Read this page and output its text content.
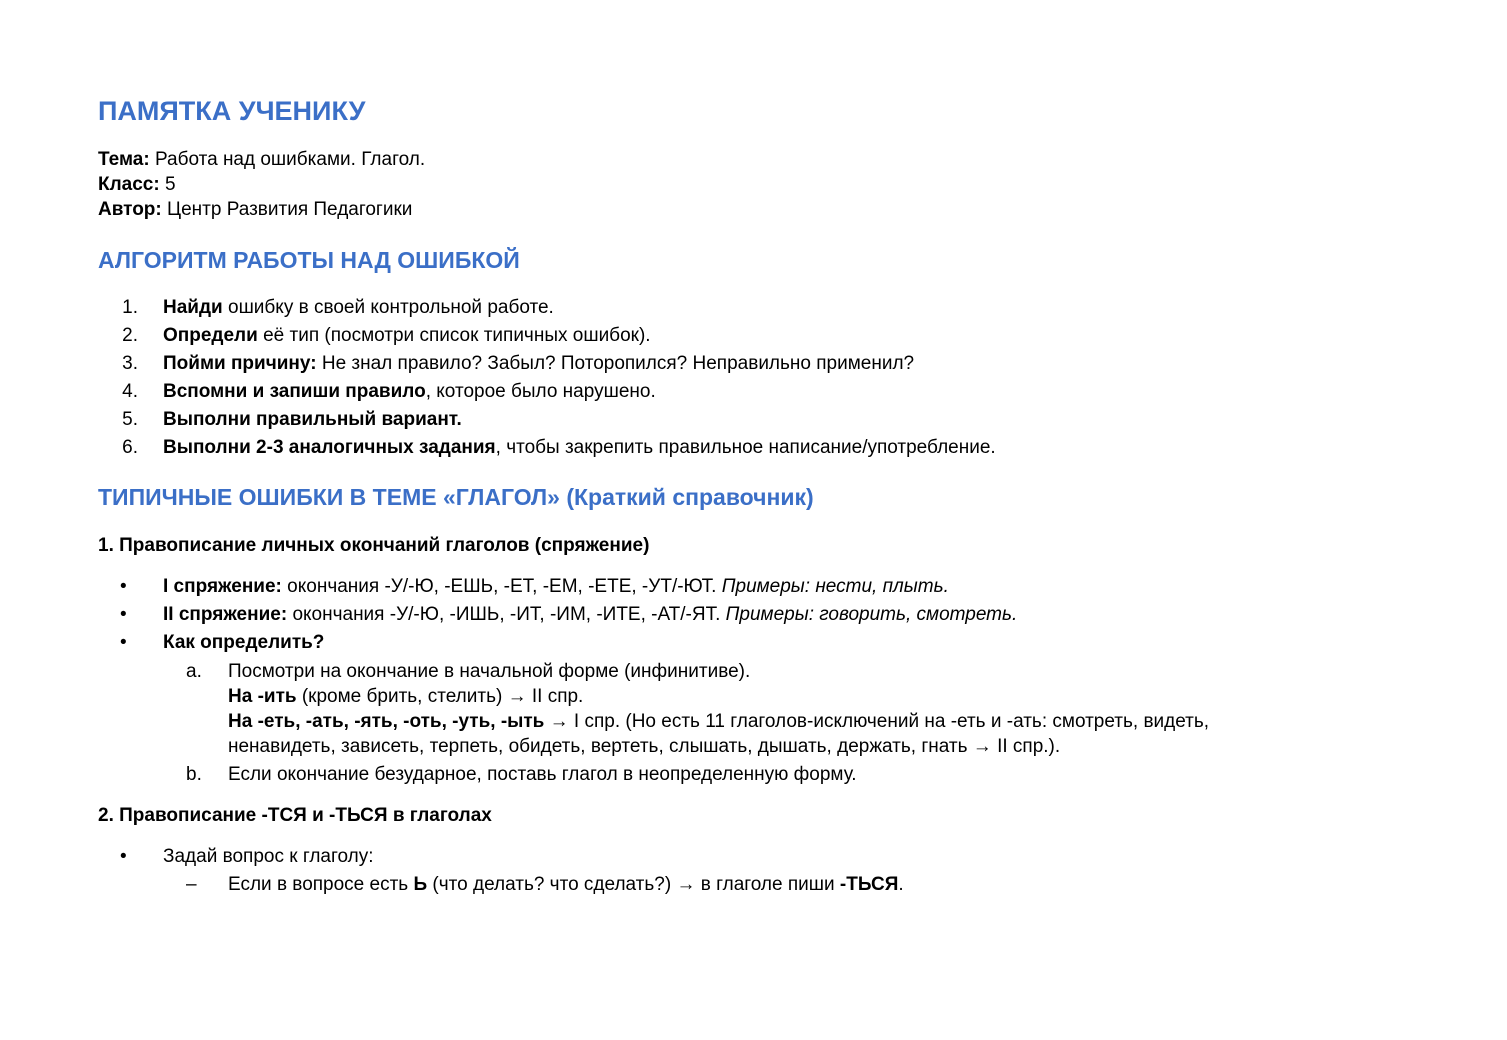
ПАМЯТКА УЧЕНИКУ
Тема: Работа над ошибками. Глагол.
Класс: 5
Автор: Центр Развития Педагогики
АЛГОРИТМ РАБОТЫ НАД ОШИБКОЙ
1. Найди ошибку в своей контрольной работе.
2. Определи её тип (посмотри список типичных ошибок).
3. Пойми причину: Не знал правило? Забыл? Поторопился? Неправильно применил?
4. Вспомни и запиши правило, которое было нарушено.
5. Выполни правильный вариант.
6. Выполни 2-3 аналогичных задания, чтобы закрепить правильное написание/употребление.
ТИПИЧНЫЕ ОШИБКИ В ТЕМЕ «ГЛАГОЛ» (Краткий справочник)
1. Правописание личных окончаний глаголов (спряжение)
• I спряжение: окончания -У/-Ю, -ЕШЬ, -ЕТ, -ЕМ, -ЕТЕ, -УТ/-ЮТ. Примеры: нести, плыть.
• II спряжение: окончания -У/-Ю, -ИШЬ, -ИТ, -ИМ, -ИТЕ, -АТ/-ЯТ. Примеры: говорить, смотреть.
• Как определить?
a. Посмотри на окончание в начальной форме (инфинитиве).
На -ить (кроме брить, стелить) → II спр.
На -еть, -ать, -ять, -оть, -уть, -ыть → I спр. (Но есть 11 глаголов-исключений на -еть и -ать: смотреть, видеть,
ненавидеть, зависеть, терпеть, обидеть, вертеть, слышать, дышать, держать, гнать → II спр.).
b. Если окончание безударное, поставь глагол в неопределенную форму.
2. Правописание -ТСЯ и -ТЬСЯ в глаголах
• Задай вопрос к глаголу:
– Если в вопросе есть Ь (что делать? что сделать?) → в глаголе пиши -ТЬСЯ.
